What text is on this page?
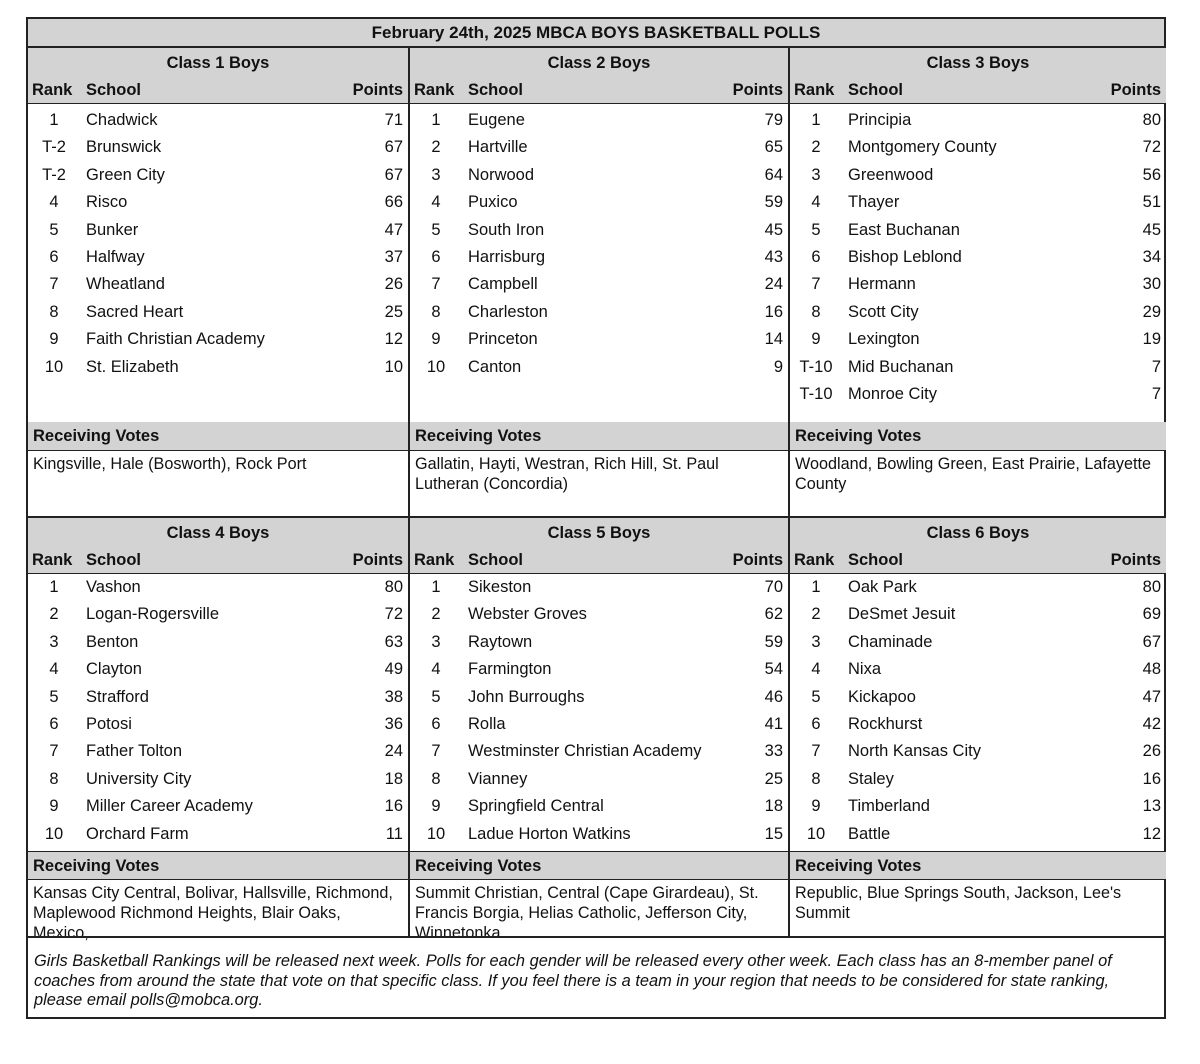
February 24th, 2025 MBCA BOYS BASKETBALL POLLS
Class 1 Boys
Rank School	Points
1	Chadwick	71
T-2	Brunswick	67
T-2	Green City	67
4	Risco	66
5	Bunker	47
6	Halfway	37
7	Wheatland	26
8	Sacred Heart	25
9	Faith Christian Academy	12
10	St. Elizabeth	10
Receiving Votes
Kingsville, Hale (Bosworth), Rock Port
Class 2 Boys
Rank School	Points
1	Eugene	79
2	Hartville	65
3	Norwood	64
4	Puxico	59
5	South Iron	45
6	Harrisburg	43
7	Campbell	24
8	Charleston	16
9	Princeton	14
10	Canton	9
Receiving Votes
Gallatin, Hayti, Westran, Rich Hill, St. Paul Lutheran (Concordia)
Class 3 Boys
Rank School	Points
1	Principia	80
2	Montgomery County	72
3	Greenwood	56
4	Thayer	51
5	East Buchanan	45
6	Bishop Leblond	34
7	Hermann	30
8	Scott City	29
9	Lexington	19
T-10 Mid Buchanan	7
T-10 Monroe City	7
Receiving Votes
Woodland, Bowling Green, East Prairie, Lafayette County
Class 4 Boys
Rank School	Points
1	Vashon	80
2	Logan-Rogersville	72
3	Benton	63
4	Clayton	49
5	Strafford	38
6	Potosi	36
7	Father Tolton	24
8	University City	18
9	Miller Career Academy	16
10	Orchard Farm	11
Receiving Votes
Kansas City Central, Bolivar, Hallsville, Richmond, Maplewood Richmond Heights, Blair Oaks, Mexico,
Class 5 Boys
Rank School	Points
1	Sikeston	70
2	Webster Groves	62
3	Raytown	59
4	Farmington	54
5	John Burroughs	46
6	Rolla	41
7	Westminster Christian Academy	33
8	Vianney	25
9	Springfield Central	18
10	Ladue Horton Watkins	15
Receiving Votes
Summit Christian, Central (Cape Girardeau), St. Francis Borgia, Helias Catholic, Jefferson City, Winnetonka
Class 6 Boys
Rank School	Points
1	Oak Park	80
2	DeSmet Jesuit	69
3	Chaminade	67
4	Nixa	48
5	Kickapoo	47
6	Rockhurst	42
7	North Kansas City	26
8	Staley	16
9	Timberland	13
10	Battle	12
Receiving Votes
Republic, Blue Springs South, Jackson, Lee's Summit
Girls Basketball Rankings will be released next week. Polls for each gender will be released every other week. Each class has an 8-member panel of coaches from around the state that vote on that specific class. If you feel there is a team in your region that needs to be considered for state ranking, please email polls@mobca.org.
